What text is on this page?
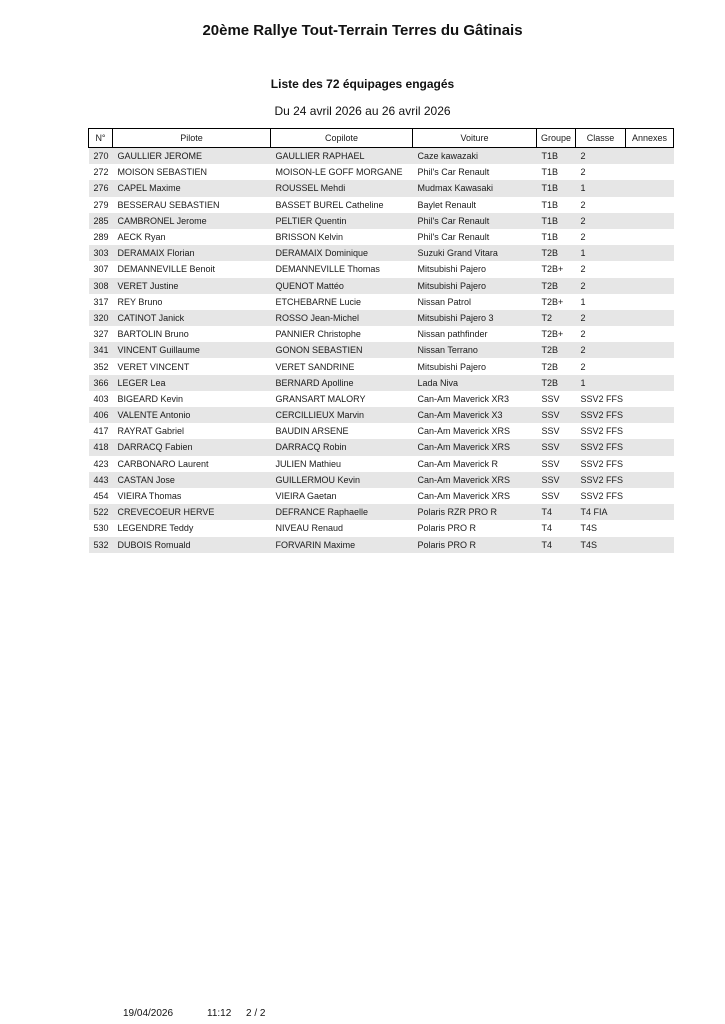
20ème Rallye Tout-Terrain Terres du Gâtinais
Liste des 72 équipages engagés
Du 24 avril 2026 au 26 avril 2026
N°	Pilote	Copilote	Voiture	Groupe	Classe	Annexes
270	GAULLIER JEROME	GAULLIER RAPHAEL	Caze kawazaki	T1B	2	
272	MOISON SEBASTIEN	MOISON-LE GOFF MORGANE	Phil's Car Renault	T1B	2	
276	CAPEL Maxime	ROUSSEL Mehdi	Mudmax Kawasaki	T1B	1	
279	BESSERAU SEBASTIEN	BASSET BUREL Catheline	Baylet Renault	T1B	2	
285	CAMBRONEL Jerome	PELTIER Quentin	Phil's Car Renault	T1B	2	
289	AECK Ryan	BRISSON Kelvin	Phil's Car Renault	T1B	2	
303	DERAMAIX Florian	DERAMAIX Dominique	Suzuki Grand Vitara	T2B	1	
307	DEMANNEVILLE Benoit	DEMANNEVILLE Thomas	Mitsubishi Pajero	T2B+	2	
308	VERET Justine	QUENOT Mattéo	Mitsubishi Pajero	T2B	2	
317	REY Bruno	ETCHEBARNE Lucie	Nissan Patrol	T2B+	1	
320	CATINOT Janick	ROSSO Jean-Michel	Mitsubishi Pajero 3	T2	2	
327	BARTOLIN Bruno	PANNIER Christophe	Nissan pathfinder	T2B+	2	
341	VINCENT Guillaume	GONON SEBASTIEN	Nissan Terrano	T2B	2	
352	VERET VINCENT	VERET SANDRINE	Mitsubishi Pajero	T2B	2	
366	LEGER Lea	BERNARD Apolline	Lada Niva	T2B	1	
403	BIGEARD Kevin	GRANSART MALORY	Can-Am Maverick XR3	SSV	SSV2 FFS	
406	VALENTE Antonio	CERCILLIEUX Marvin	Can-Am Maverick X3	SSV	SSV2 FFS	
417	RAYRAT Gabriel	BAUDIN ARSENE	Can-Am Maverick XRS	SSV	SSV2 FFS	
418	DARRACQ Fabien	DARRACQ Robin	Can-Am Maverick XRS	SSV	SSV2 FFS	
423	CARBONARO Laurent	JULIEN Mathieu	Can-Am Maverick R	SSV	SSV2 FFS	
443	CASTAN Jose	GUILLERMOU Kevin	Can-Am Maverick XRS	SSV	SSV2 FFS	
454	VIEIRA Thomas	VIEIRA Gaetan	Can-Am Maverick XRS	SSV	SSV2 FFS	
522	CREVECOEUR HERVE	DEFRANCE Raphaelle	Polaris RZR PRO R	T4	T4 FIA	
530	LEGENDRE Teddy	NIVEAU Renaud	Polaris PRO R	T4	T4S	
532	DUBOIS Romuald	FORVARIN Maxime	Polaris PRO R	T4	T4S	
19/04/2026	11:12 2 / 2
